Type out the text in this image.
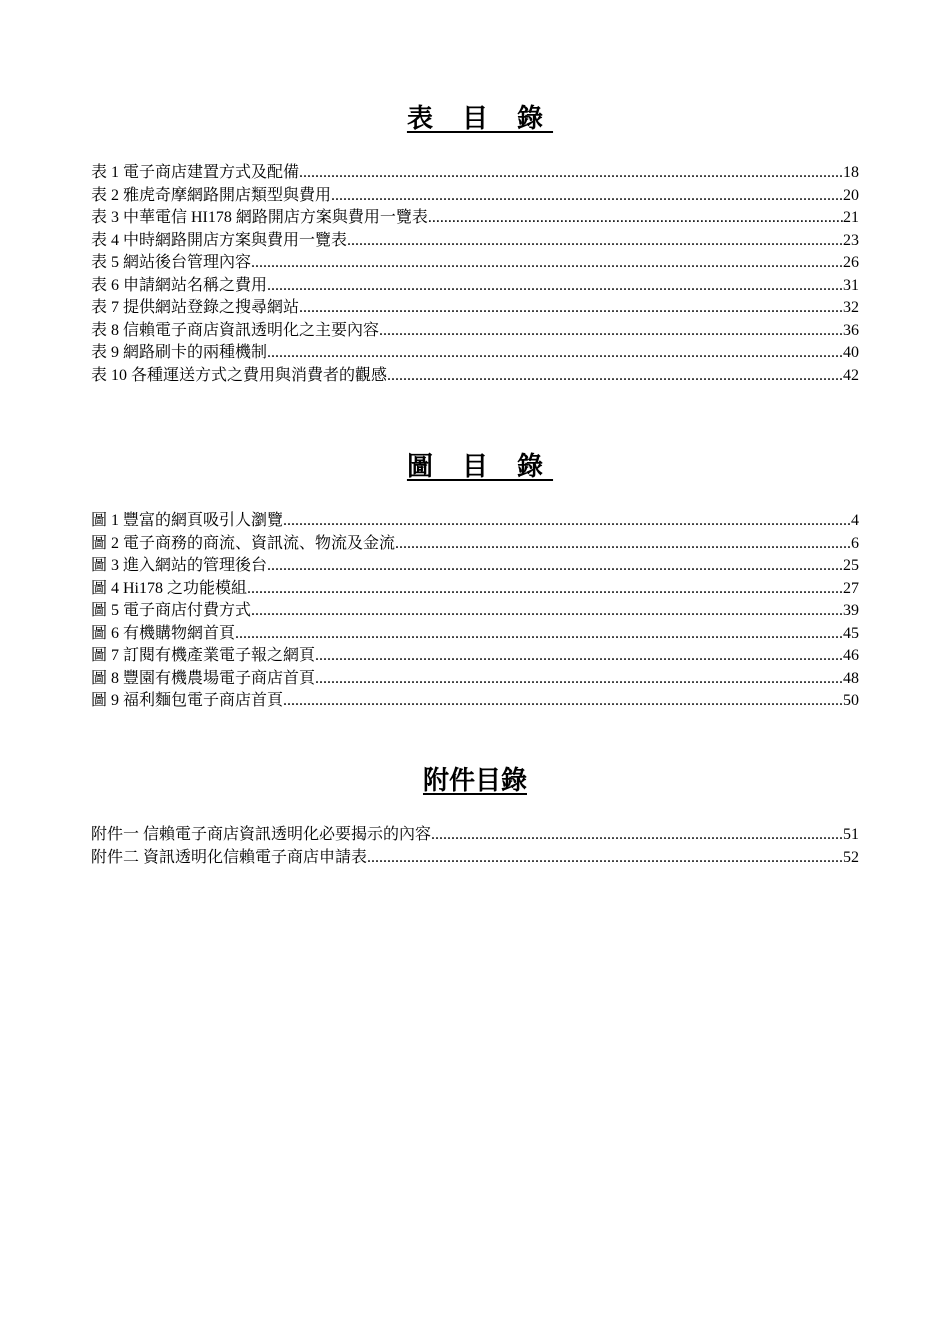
表 目 錄
表 1 電子商店建置方式及配備 .....	18
表 2 雅虎奇摩網路開店類型與費用 .....	20
表 3 中華電信 HI178 網路開店方案與費用一覽表 .....	21
表 4 中時網路開店方案與費用一覽表 .....	23
表 5 網站後台管理內容 .....	26
表 6 申請網站名稱之費用 .....	31
表 7 提供網站登錄之搜尋網站 .....	32
表 8 信賴電子商店資訊透明化之主要內容 .....	36
表 9 網路刷卡的兩種機制 .....	40
表 10 各種運送方式之費用與消費者的觀感 .....	42
圖 目 錄
圖 1 豐富的網頁吸引人瀏覽 .....	4
圖 2 電子商務的商流、資訊流、物流及金流 .....	6
圖 3 進入網站的管理後台 .....	25
圖 4 Hi178 之功能模組 .....	27
圖 5 電子商店付費方式 .....	39
圖 6 有機購物網首頁 .....	45
圖 7 訂閱有機產業電子報之網頁 .....	46
圖 8 豐園有機農場電子商店首頁 .....	48
圖 9 福利麵包電子商店首頁 .....	50
附件目錄
附件一 信賴電子商店資訊透明化必要揭示的內容 .....	51
附件二 資訊透明化信賴電子商店申請表 .....	52
